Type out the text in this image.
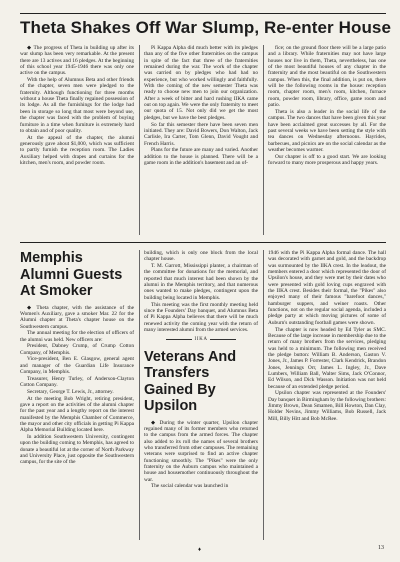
Theta Shakes Off War Slump, Re-enter House

◆ The progress of Theta in building up after its war slump has been very remarkable. At the present there are 13 actives and 16 pledges. At the beginning of this school year 1945-1946 there was only one active on the campus.

With the help of Alumnus Beta and other friends of the chapter, seven men were pledged to the fraternity. Although functioning for three months without a house Theta finally regained possession of its lodge. As all the furnishings for the lodge had been in storage so long that most were beyond use, the chapter was faced with the problem of buying furniture in a time when furniture is extremely hard to obtain and of poor quality.

At the appeal of the chapter, the alumni generously gave about $1,000, which was sufficient to partly furnish the reception room. The Ladies Auxiliary helped with drapes and curtains for the kitchen, men's room, and powder room.

Pi Kappa Alpha did much better with its pledges than any of the five other fraternities on the campus in spite of the fact that three of the fraternities remained during the war. The work of the chapter was carried on by pledges who had had no experience, but who worked willingly and faithfully. With the coming of the new semester Theta was ready to choose new men to join our organization. After a week of bitter and hard rushing IIKA came out on top again. We were the only fraternity to meet our quota of 15. Not only did we get the most pledges, but we have the best pledges.

So far this semester there have been seven men initiated. They are: David Bowers, Don Walton, Jack Carlisle, Ira Carter, Tom Glenn, David Vought and French Harris.

Plans for the future are many and varied. Another addition to the house is planned. There will be a game room in the addition's basement and an of-

fice; on the ground floor there will be a large patio and a library. While fraternities may not have large houses nor live in them, Theta, nevertheless, has one of the most beautiful houses of any chapter in the fraternity and the most beautiful on the Southwestern campus. When this, the final addition, is put on, there will be the following rooms in the house: reception room, chapter room, men's room, kitchen, furnace room, powder room, library, office, game room and patio.

Theta is also a leader in the social life of the campus. The two dances that have been given this year have been acclaimed great successes by all. For the past several weeks we have been setting the style with tea dances on Wednesday afternoons. Hayrides, barbecues, and picnics are on the social calendar as the weather becomes warmer.

Our chapter is off to a good start. We are looking forward to many more prosperous and happy years.

Memphis Alumni Guests At Smoker

◆ Theta chapter, with the assistance of the Women's Auxiliary, gave a smoker Mar. 22 for the Alumni chapter at Theta's chapter house on the Southwestern campus.

The annual meeting for the election of officers of the alumni was held. New officers are:

President, Dabney Crump, of Crump Cotton Company, of Memphis.

Vice-president, Ben E. Glasgow, general agent and manager of the Guardian Life Insurance Company, in Memphis.

Treasurer, Henry Turley, of Anderson-Clayton Cotton Company.

Secretary, George T. Lewis, Jr., attorney.

At the meeting Bob Wright, retiring president, gave a report on the activities of the alumni chapter for the past year and a lengthy report on the interest manifested by the Memphis Chamber of Commerce, the mayor and other city officials in getting Pi Kappa Alpha Memorial Building located here.

In addition Southwestern University, contingent upon the building coming to Memphis, has agreed to donate a beautiful lot at the corner of North Parkway and University Place, just opposite the Southwestern campus, for the site of the

building, which is only one block from the local chapter house.

T. M. Garrott, Mississippi planter, a chairman of the committee for donations for the memorial, and reported that much interest had been shown by the alumni in the Memphis territory, and that numerous ones wanted to make pledges, contingent upon the building being located in Memphis.

This meeting was the first monthly meeting held since the Founders' Day banquet, and Alumnus Beta of Pi Kappa Alpha believes that there will be much renewed activity the coming year with the return of many interested alumni from the armed services.

IIKA
Veterans And Transfers Gained By Upsilon

◆ During the winter quarter, Upsilon chapter regained many of its former members who returned to the campus from the armed forces. The chapter also added to its roll the names of several brothers who transferred from other campuses. The remaining veterans were surprised to find an active chapter functioning smoothly. The "Pikes" were the only fraternity on the Auburn campus who maintained a house and housemother continuously throughout the war.

The social calendar was launched in

1946 with the Pi Kappa Alpha formal dance. The hall was decorated with garnet and gold, and the backdrop was surmounted by the IIKA crest. In the leadout, the members entered a door which represented the door of Upsilon's house, and they were met by their dates who were presented with gold loving cups engraved with the IIKA crest. Besides their formal, the "Pikes" also enjoyed many of their famous "barefoot dances," hamburger suppers, and weiner roasts. Other functions, not on the regular social agenda, included a pledge party at which moving pictures of some of Auburn's outstanding football games were shown.

The chapter is now headed by Ed Tyler as SMC. Because of the large increase in membership due to the return of many brothers from the services, pledging was held to a minimum. The following men received the pledge button: William B. Anderson, Gaston V. Jones, Jr., James P. Forrester, Clark Kendrick, Brandon Jones, Jennings Orr, James L. Ingley, Jr., Dave Lumbers, William Ball, Walter Sims, Jack O'Connor, Ed Wilson, and Dick Wasson. Initiation was not held because of an extended pledge period.

Upsilon chapter was represented at the Founders' Day banquet in Birmingham by the following brothers: Jimmy Brown, Dean Smamen, Bill Howton, Dan Clay, Holder Nevins, Jimmy Williams, Bob Russell, Jack Mill, Billy Hitt and Bob McRee.

♦	13
